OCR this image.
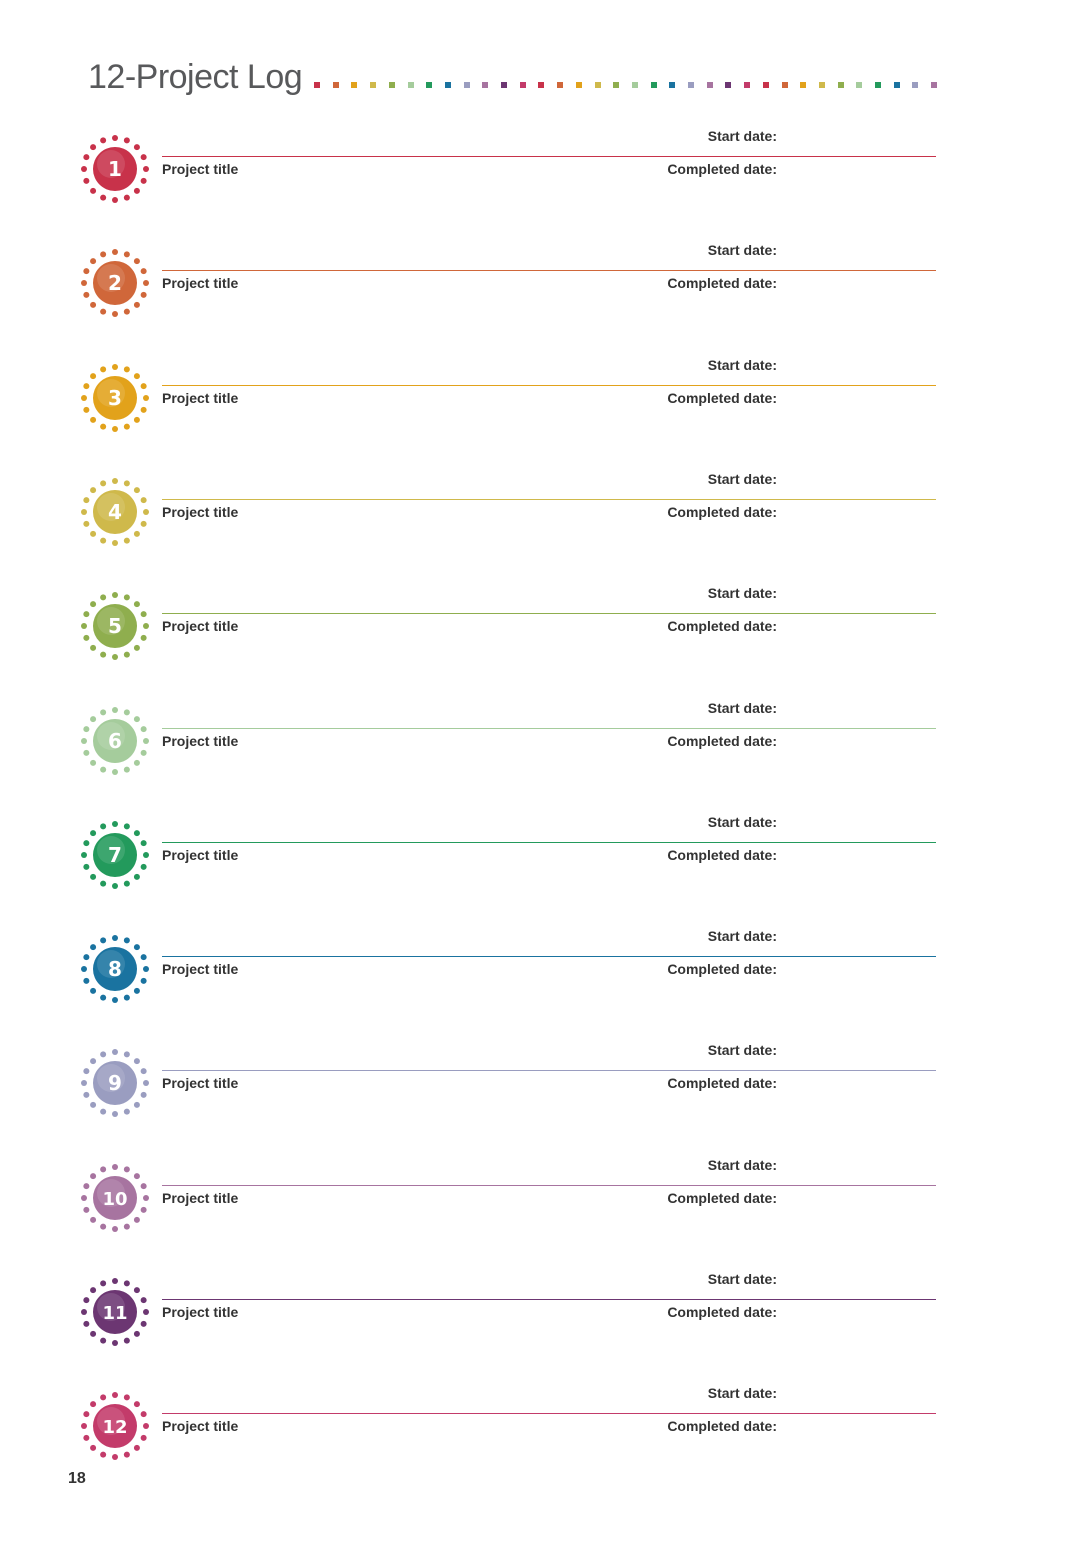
12-Project Log
1
Start date:
Project title	Completed date:
2
Start date:
Project title	Completed date:
3
Start date:
Project title	Completed date:
4
Start date:
Project title	Completed date:
5
Start date:
Project title	Completed date:
6
Start date:
Project title	Completed date:
7
Start date:
Project title	Completed date:
8
Start date:
Project title	Completed date:
9
Start date:
Project title	Completed date:
10
Start date:
Project title	Completed date:
11
Start date:
Project title	Completed date:
12
Start date:
Project title	Completed date:
18
